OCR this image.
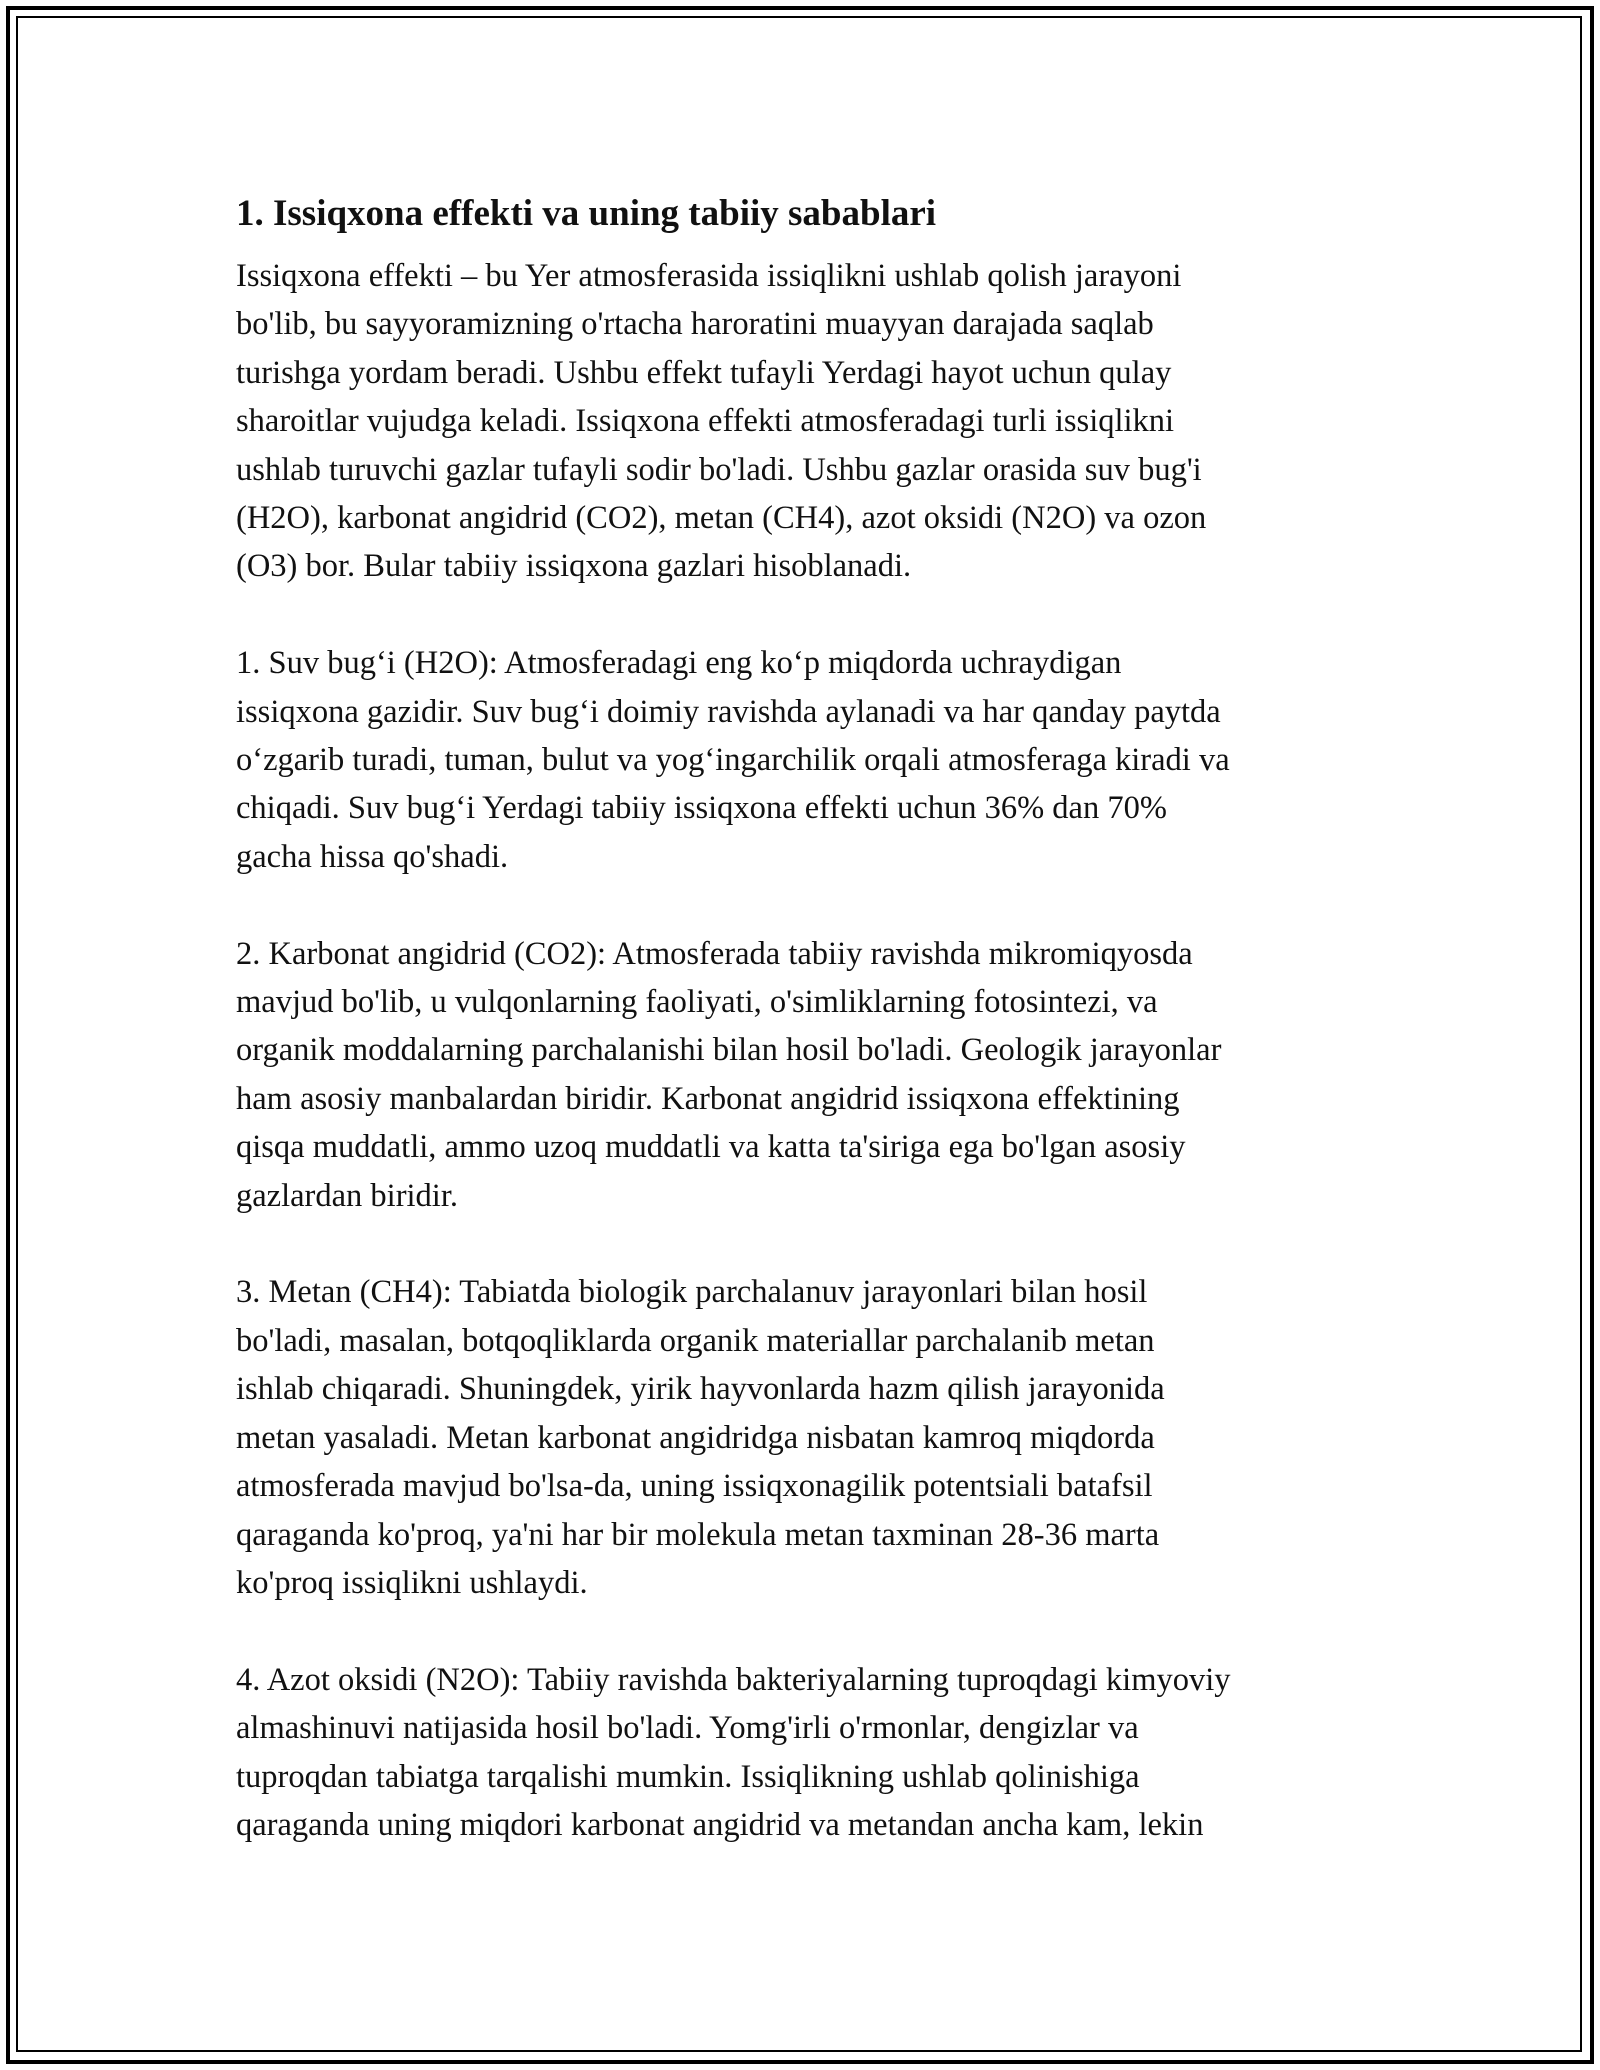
1. Issiqxona effekti va uning tabiiy sabablari
Issiqxona effekti – bu Yer atmosferasida issiqlikni ushlab qolish jarayoni
bo'lib, bu sayyoramizning o'rtacha haroratini muayyan darajada saqlab
turishga yordam beradi. Ushbu effekt tufayli Yerdagi hayot uchun qulay
sharoitlar vujudga keladi. Issiqxona effekti atmosferadagi turli issiqlikni
ushlab turuvchi gazlar tufayli sodir bo'ladi. Ushbu gazlar orasida suv bug'i
(H2O), karbonat angidrid (CO2), metan (CH4), azot oksidi (N2O) va ozon
(O3) bor. Bular tabiiy issiqxona gazlari hisoblanadi.
1. Suv bug‘i (H2O): Atmosferadagi eng ko‘p miqdorda uchraydigan
issiqxona gazidir. Suv bug‘i doimiy ravishda aylanadi va har qanday paytda
o‘zgarib turadi, tuman, bulut va yog‘ingarchilik orqali atmosferaga kiradi va
chiqadi. Suv bug‘i Yerdagi tabiiy issiqxona effekti uchun 36% dan 70%
gacha hissa qo'shadi.
2. Karbonat angidrid (CO2): Atmosferada tabiiy ravishda mikromiqyosda
mavjud bo'lib, u vulqonlarning faoliyati, o'simliklarning fotosintezi, va
organik moddalarning parchalanishi bilan hosil bo'ladi. Geologik jarayonlar
ham asosiy manbalardan biridir. Karbonat angidrid issiqxona effektining
qisqa muddatli, ammo uzoq muddatli va katta ta'siriga ega bo'lgan asosiy
gazlardan biridir.
3. Metan (CH4): Tabiatda biologik parchalanuv jarayonlari bilan hosil
bo'ladi, masalan, botqoqliklarda organik materiallar parchalanib metan
ishlab chiqaradi. Shuningdek, yirik hayvonlarda hazm qilish jarayonida
metan yasaladi. Metan karbonat angidridga nisbatan kamroq miqdorda
atmosferada mavjud bo'lsa-da, uning issiqxonagilik potentsiali batafsil
qaraganda ko'proq, ya'ni har bir molekula metan taxminan 28-36 marta
ko'proq issiqlikni ushlaydi.
4. Azot oksidi (N2O): Tabiiy ravishda bakteriyalarning tuproqdagi kimyoviy
almashinuvi natijasida hosil bo'ladi. Yomg'irli o'rmonlar, dengizlar va
tuproqdan tabiatga tarqalishi mumkin. Issiqlikning ushlab qolinishiga
qaraganda uning miqdori karbonat angidrid va metandan ancha kam, lekin
